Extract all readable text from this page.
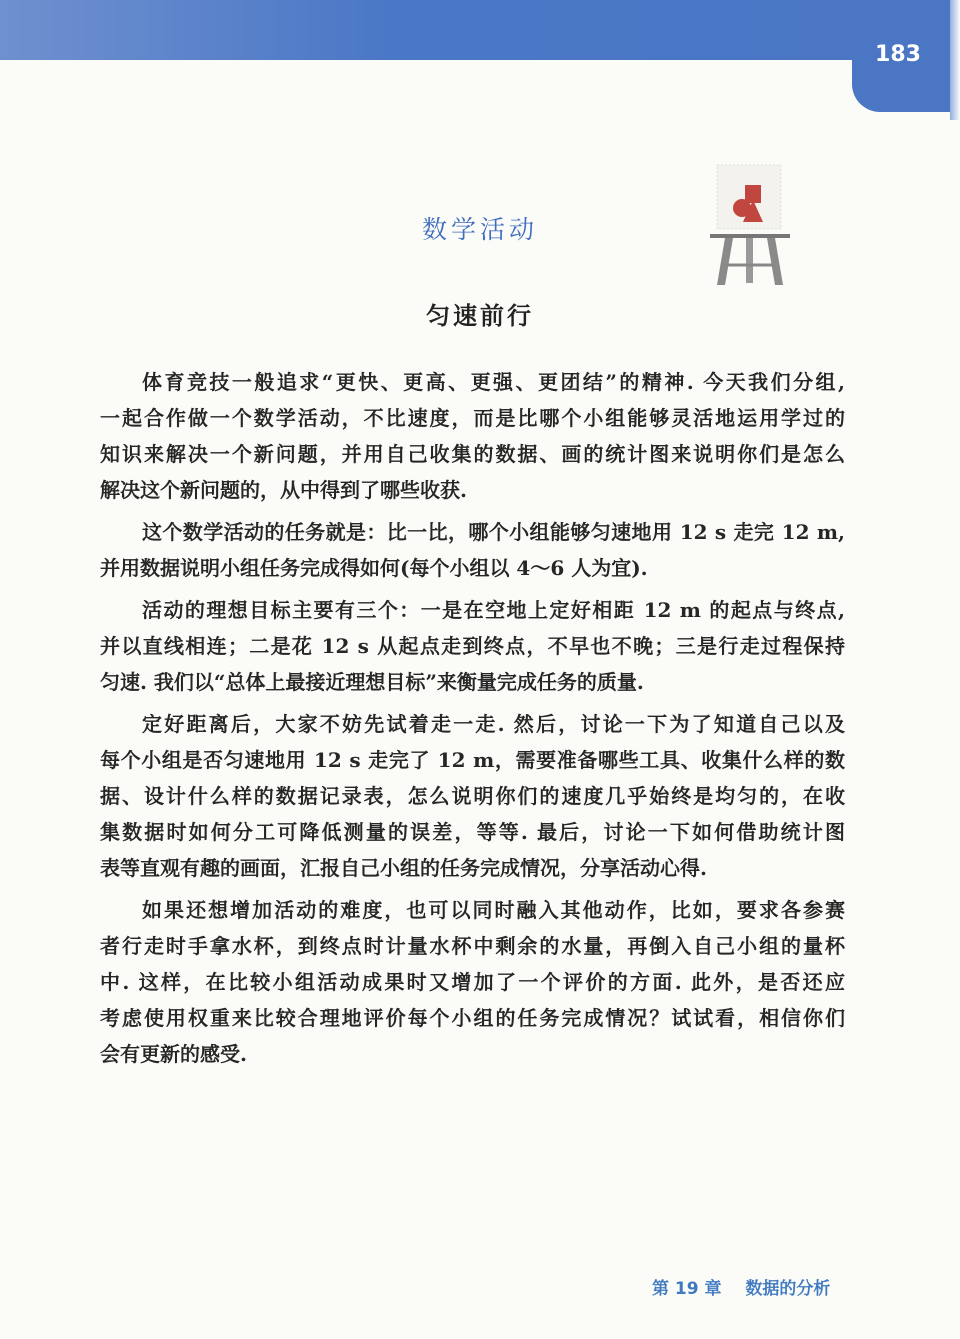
183
数学活动
匀速前行
体育竞技一般追求“更快、更高、更强、更团结”的精神. 今天我们分组,
一起合作做一个数学活动，不比速度，而是比哪个小组能够灵活地运用学过的
知识来解决一个新问题，并用自己收集的数据、画的统计图来说明你们是怎么
解决这个新问题的，从中得到了哪些收获.
这个数学活动的任务就是：比一比，哪个小组能够匀速地用 12 s 走完 12 m,
并用数据说明小组任务完成得如何(每个小组以 4～6 人为宜).
活动的理想目标主要有三个：一是在空地上定好相距 12 m 的起点与终点,
并以直线相连；二是花 12 s 从起点走到终点，不早也不晚；三是行走过程保持
匀速. 我们以“总体上最接近理想目标”来衡量完成任务的质量.
定好距离后，大家不妨先试着走一走. 然后，讨论一下为了知道自己以及
每个小组是否匀速地用 12 s 走完了 12 m，需要准备哪些工具、收集什么样的数
据、设计什么样的数据记录表，怎么说明你们的速度几乎始终是均匀的，在收
集数据时如何分工可降低测量的误差，等等. 最后，讨论一下如何借助统计图
表等直观有趣的画面，汇报自己小组的任务完成情况，分享活动心得.
如果还想增加活动的难度，也可以同时融入其他动作，比如，要求各参赛
者行走时手拿水杯，到终点时计量水杯中剩余的水量，再倒入自己小组的量杯
中. 这样，在比较小组活动成果时又增加了一个评价的方面. 此外，是否还应
考虑使用权重来比较合理地评价每个小组的任务完成情况？试试看，相信你们
会有更新的感受.
第 19 章 数据的分析
